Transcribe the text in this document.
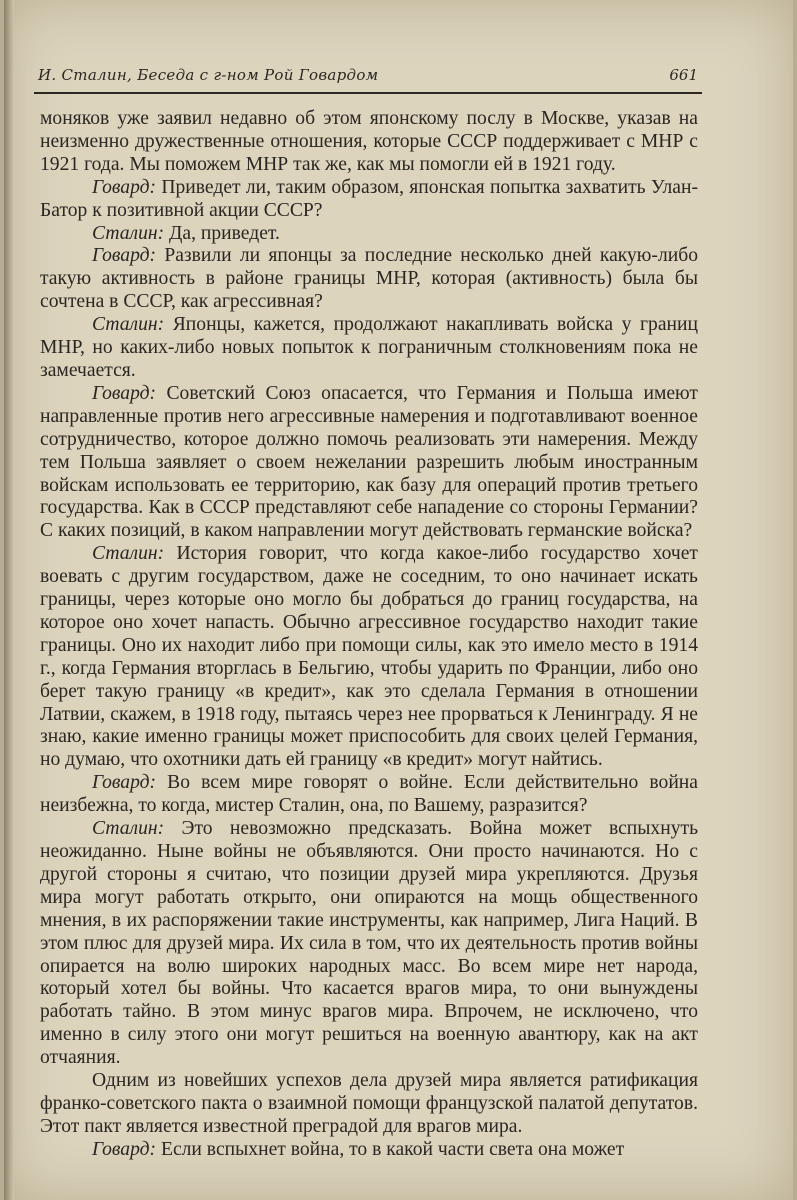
И. Сталин, Беседа с г-ном Рой Говардом	661

моняков уже заявил недавно об этом японскому послу в Москве, указав на неизменно дружественные отношения, которые СССР поддерживает с МНР с 1921 года. Мы поможем МНР так же, как мы помогли ей в 1921 году.

Говард: Приведет ли, таким образом, японская попытка захватить Улан-Батор к позитивной акции СССР?

Сталин: Да, приведет.

Говард: Развили ли японцы за последние несколько дней какую-либо такую активность в районе границы МНР, которая (активность) была бы сочтена в СССР, как агрессивная?

Сталин: Японцы, кажется, продолжают накапливать войска у границ МНР, но каких-либо новых попыток к пограничным столкновениям пока не замечается.

Говард: Советский Союз опасается, что Германия и Польша имеют направленные против него агрессивные намерения и подготавливают военное сотрудничество, которое должно помочь реализовать эти намерения. Между тем Польша заявляет о своем нежелании разрешить любым иностранным войскам использовать ее территорию, как базу для операций против третьего государства. Как в СССР представляют себе нападение со стороны Германии? С каких позиций, в каком направлении могут действовать германские войска?

Сталин: История говорит, что когда какое-либо государство хочет воевать с другим государством, даже не соседним, то оно начинает искать границы, через которые оно могло бы добраться до границ государства, на которое оно хочет напасть. Обычно агрессивное государство находит такие границы. Оно их находит либо при помощи силы, как это имело место в 1914 г., когда Германия вторглась в Бельгию, чтобы ударить по Франции, либо оно берет такую границу «в кредит», как это сделала Германия в отношении Латвии, скажем, в 1918 году, пытаясь через нее прорваться к Ленинграду. Я не знаю, какие именно границы может приспособить для своих целей Германия, но думаю, что охотники дать ей границу «в кредит» могут найтись.

Говард: Во всем мире говорят о войне. Если действительно война неизбежна, то когда, мистер Сталин, она, по Вашему, разразится?

Сталин: Это невозможно предсказать. Война может вспыхнуть неожиданно. Ныне войны не объявляются. Они просто начинаются. Но с другой стороны я считаю, что позиции друзей мира укрепляются. Друзья мира могут работать открыто, они опираются на мощь общественного мнения, в их распоряжении такие инструменты, как например, Лига Наций. В этом плюс для друзей мира. Их сила в том, что их деятельность против войны опирается на волю широких народных масс. Во всем мире нет народа, который хотел бы войны. Что касается врагов мира, то они вынуждены работать тайно. В этом минус врагов мира. Впрочем, не исключено, что именно в силу этого они могут решиться на военную авантюру, как на акт отчаяния.

Одним из новейших успехов дела друзей мира является ратификация франко-советского пакта о взаимной помощи французской палатой депутатов. Этот пакт является известной преградой для врагов мира.

Говард: Если вспыхнет война, то в какой части света она может
